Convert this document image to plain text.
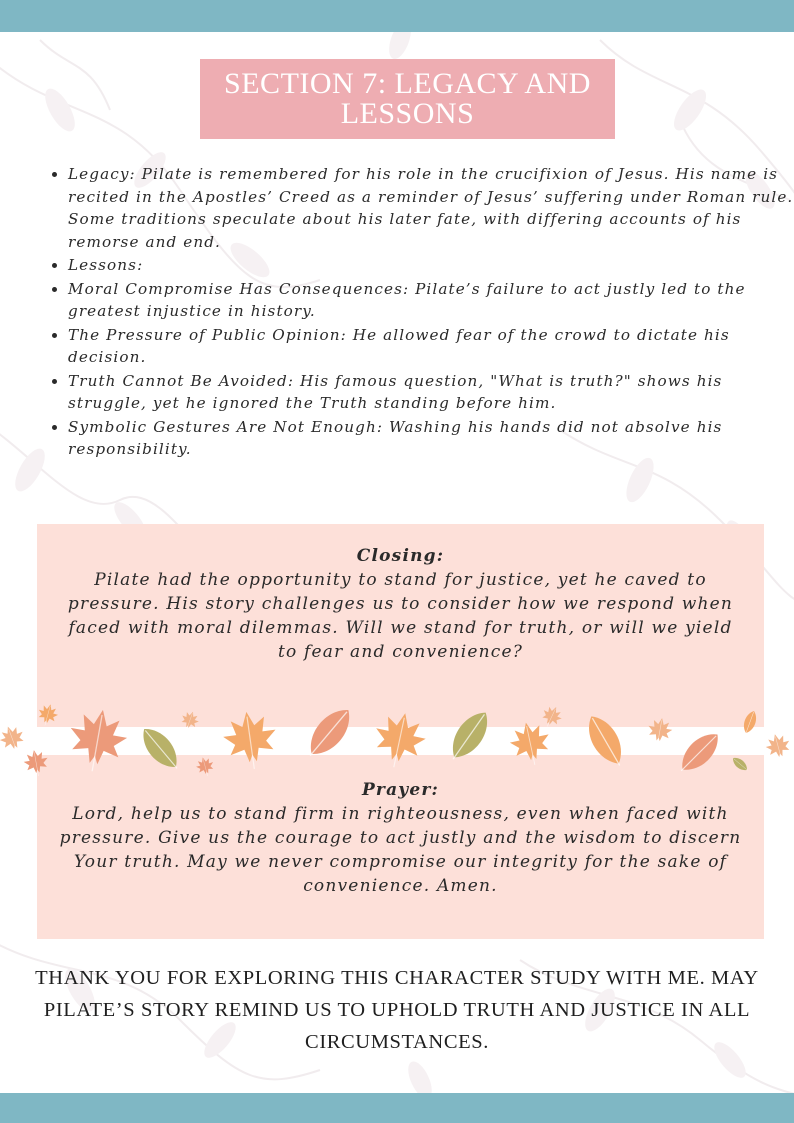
SECTION 7: LEGACY AND LESSONS
• Legacy: Pilate is remembered for his role in the crucifixion of Jesus. His name is recited in the Apostles’ Creed as a reminder of Jesus’ suffering under Roman rule. Some traditions speculate about his later fate, with differing accounts of his remorse and end.
• Lessons:
• Moral Compromise Has Consequences: Pilate’s failure to act justly led to the greatest injustice in history.
• The Pressure of Public Opinion: He allowed fear of the crowd to dictate his decision.
• Truth Cannot Be Avoided: His famous question, "What is truth?" shows his struggle, yet he ignored the Truth standing before him.
• Symbolic Gestures Are Not Enough: Washing his hands did not absolve his responsibility.
Closing:
Pilate had the opportunity to stand for justice, yet he caved to pressure. His story challenges us to consider how we respond when faced with moral dilemmas. Will we stand for truth, or will we yield to fear and convenience?
Prayer:
Lord, help us to stand firm in righteousness, even when faced with pressure. Give us the courage to act justly and the wisdom to discern Your truth. May we never compromise our integrity for the sake of convenience. Amen.
THANK YOU FOR EXPLORING THIS CHARACTER STUDY WITH ME. MAY PILATE’S STORY REMIND US TO UPHOLD TRUTH AND JUSTICE IN ALL CIRCUMSTANCES.
